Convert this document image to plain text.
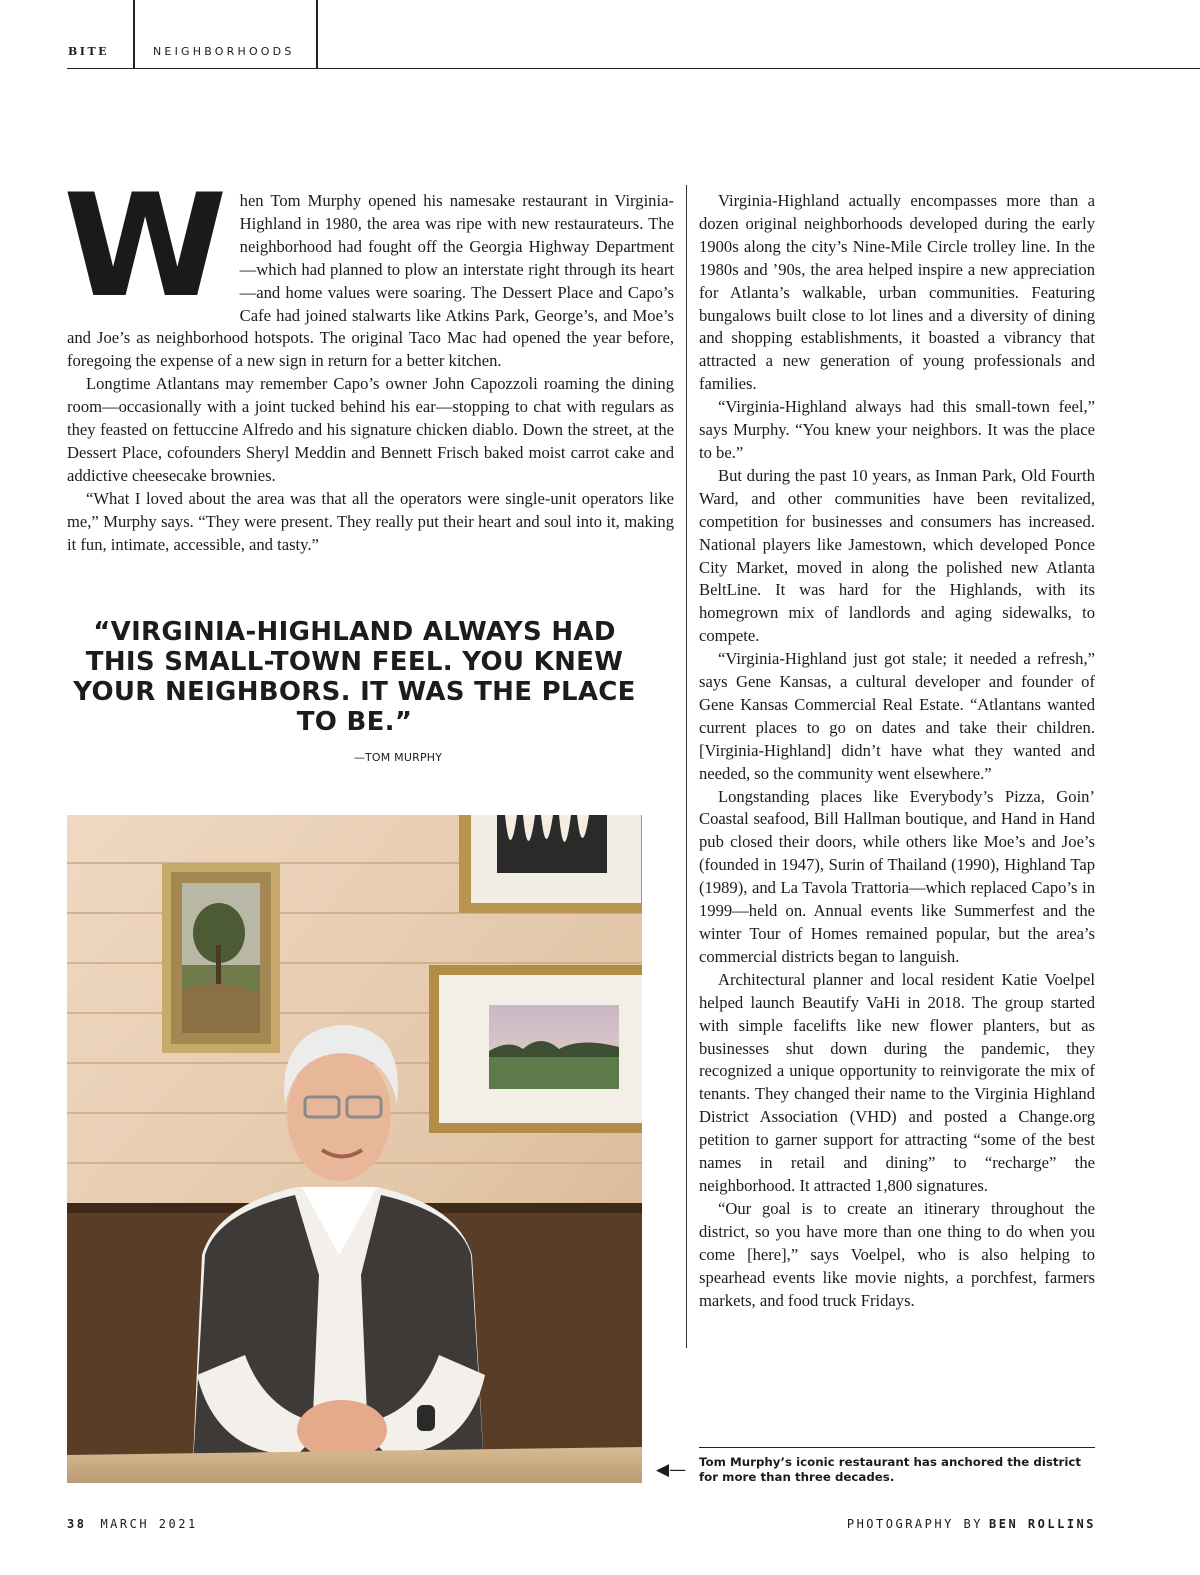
BITE	NEIGHBORHOODS
W hen Tom Murphy opened his namesake restaurant in Virginia-Highland in 1980, the area was ripe with new restaurateurs. The neighborhood had fought off the Georgia Highway Department—which had planned to plow an interstate right through its heart—and home values were soaring. The Dessert Place and Capo’s Cafe had joined stalwarts like Atkins Park, George’s, and Moe’s and Joe’s as neighborhood hotspots. The original Taco Mac had opened the year before, foregoing the expense of a new sign in return for a better kitchen.

Longtime Atlantans may remember Capo’s owner John Capozzoli roaming the dining room—occasionally with a joint tucked behind his ear—stopping to chat with regulars as they feasted on fettuccine Alfredo and his signature chicken diablo. Down the street, at the Dessert Place, cofounders Sheryl Meddin and Bennett Frisch baked moist carrot cake and addictive cheesecake brownies.

“What I loved about the area was that all the operators were single-unit operators like me,” Murphy says. “They were present. They really put their heart and soul into it, making it fun, intimate, accessible, and tasty.”

Virginia-Highland actually encompasses more than a dozen original neighborhoods developed during the early 1900s along the city’s Nine-Mile Circle trolley line. In the 1980s and ’90s, the area helped inspire a new appreciation for Atlanta’s walkable, urban communities. Featuring bungalows built close to lot lines and a diversity of dining and shopping establishments, it boasted a vibrancy that attracted a new generation of young professionals and families.

“Virginia-Highland always had this small-town feel,” says Murphy. “You knew your neighbors. It was the place to be.”

But during the past 10 years, as Inman Park, Old Fourth Ward, and other communities have been revitalized, competition for businesses and consumers has increased. National players like Jamestown, which developed Ponce City Market, moved in along the polished new Atlanta BeltLine. It was hard for the Highlands, with its homegrown mix of landlords and aging sidewalks, to compete.

“Virginia-Highland just got stale; it needed a refresh,” says Gene Kansas, a cultural developer and founder of Gene Kansas Commercial Real Estate. “Atlantans wanted current places to go on dates and take their children. [Virginia-Highland] didn’t have what they wanted and needed, so the community went elsewhere.”

Longstanding places like Everybody’s Pizza, Goin’ Coastal seafood, Bill Hallman boutique, and Hand in Hand pub closed their doors, while others like Moe’s and Joe’s (founded in 1947), Surin of Thailand (1990), Highland Tap (1989), and La Tavola Trattoria—which replaced Capo’s in 1999—held on. Annual events like Summerfest and the winter Tour of Homes remained popular, but the area’s commercial districts began to languish.

Architectural planner and local resident Katie Voelpel helped launch Beautify VaHi in 2018. The group started with simple facelifts like new flower planters, but as businesses shut down during the pandemic, they recognized a unique opportunity to reinvigorate the mix of tenants. They changed their name to the Virginia Highland District Association (VHD) and posted a Change.org petition to garner support for attracting “some of the best names in retail and dining” to “recharge” the neighborhood. It attracted 1,800 signatures.

“Our goal is to create an itinerary throughout the district, so you have more than one thing to do when you come [here],” says Voelpel, who is also helping to spearhead events like movie nights, a porchfest, farmers markets, and food truck Fridays.

“VIRGINIA-HIGHLAND ALWAYS HAD THIS SMALL-TOWN FEEL. YOU KNEW YOUR NEIGHBORS. IT WAS THE PLACE TO BE.”
—TOM MURPHY
◀— Tom Murphy’s iconic restaurant has anchored the district for more than three decades.
38 MARCH 2021	PHOTOGRAPHY BY BEN ROLLINS
